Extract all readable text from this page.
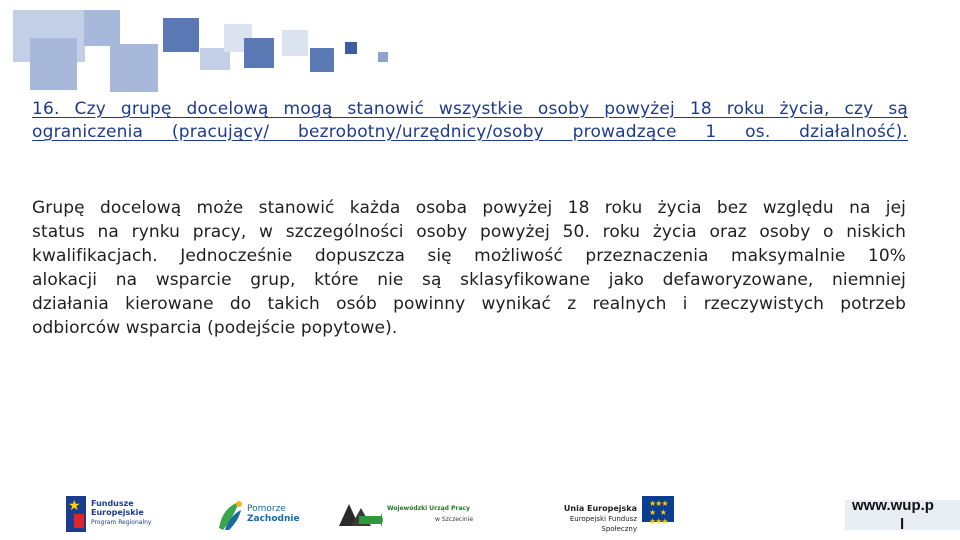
16. Czy grupę docelową mogą stanowić wszystkie osoby powyżej 18 roku życia, czy są
ograniczenia (pracujący/ bezrobotny/urzędnicy/osoby prowadzące 1 os. działalność).
Grupę docelową może stanowić każda osoba powyżej 18 roku życia bez względu na jej
status na rynku pracy, w szczególności osoby powyżej 50. roku życia oraz osoby o niskich
kwalifikacjach. Jednocześnie dopuszcza się możliwość przeznaczenia maksymalnie 10%
alokacji na wsparcie grup, które nie są sklasyfikowane jako defaworyzowane, niemniej
działania kierowane do takich osób powinny wynikać z realnych i rzeczywistych potrzeb
odbiorców wsparcia (podejście popytowe).
★ Fundusze
Europejskie
Program Regionalny
Pomorze
Zachodnie
Wojewódzki Urząd Pracy
w Szczecinie
Unia Europejska
Europejski Fundusz Społeczny
★★★
★   ★
★★★
www.wup.p
l
